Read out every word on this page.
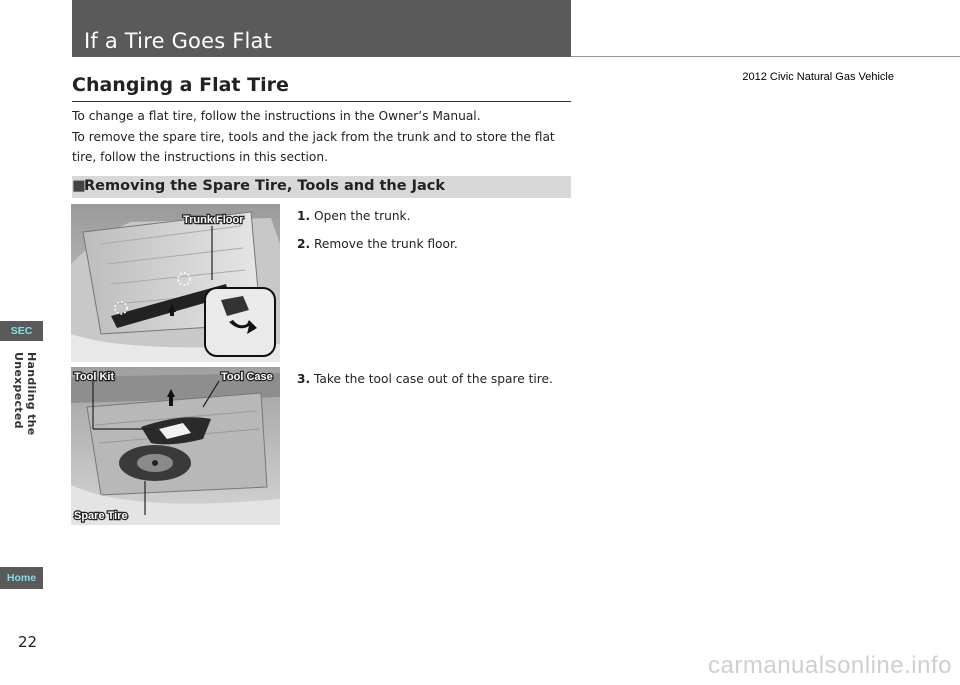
If a Tire Goes Flat
2012 Civic Natural Gas Vehicle
Changing a Flat Tire

To change a flat tire, follow the instructions in the Owner’s Manual.

To remove the spare tire, tools and the jack from the trunk and to store the flat tire, follow the instructions in this section.

Removing the Spare Tire, Tools and the Jack
■
Trunk Floor
Tool Kit	Tool Case
Spare Tire
1. Open the trunk.
2. Remove the trunk floor.
3. Take the tool case out of the spare tire.
SEC
Handling the Unexpected
Home
22
carmanualsonline.info
